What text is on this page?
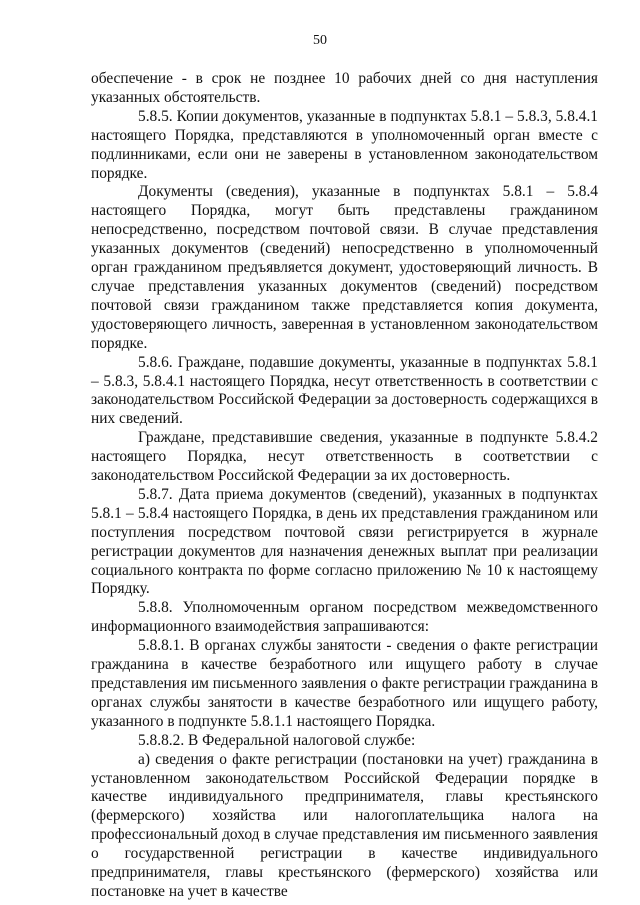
50

обеспечение - в срок не позднее 10 рабочих дней со дня наступления указанных обстоятельств.

5.8.5. Копии документов, указанные в подпунктах 5.8.1 – 5.8.3, 5.8.4.1 настоящего Порядка, представляются в уполномоченный орган вместе с подлинниками, если они не заверены в установленном законодательством порядке.

Документы (сведения), указанные в подпунктах 5.8.1 – 5.8.4 настоящего Порядка, могут быть представлены гражданином непосредственно, посредством почтовой связи. В случае представления указанных документов (сведений) непосредственно в уполномоченный орган гражданином предъявляется документ, удостоверяющий личность. В случае представления указанных документов (сведений) посредством почтовой связи гражданином также представляется копия документа, удостоверяющего личность, заверенная в установленном законодательством порядке.

5.8.6. Граждане, подавшие документы, указанные в подпунктах 5.8.1 – 5.8.3, 5.8.4.1 настоящего Порядка, несут ответственность в соответствии с законодательством Российской Федерации за достоверность содержащихся в них сведений.

Граждане, представившие сведения, указанные в подпункте 5.8.4.2 настоящего Порядка, несут ответственность в соответствии с законодательством Российской Федерации за их достоверность.

5.8.7. Дата приема документов (сведений), указанных в подпунктах 5.8.1 – 5.8.4 настоящего Порядка, в день их представления гражданином или поступления посредством почтовой связи регистрируется в журнале регистрации документов для назначения денежных выплат при реализации социального контракта по форме согласно приложению № 10 к настоящему Порядку.

5.8.8. Уполномоченным органом посредством межведомственного информационного взаимодействия запрашиваются:

5.8.8.1. В органах службы занятости - сведения о факте регистрации гражданина в качестве безработного или ищущего работу в случае представления им письменного заявления о факте регистрации гражданина в органах службы занятости в качестве безработного или ищущего работу, указанного в подпункте 5.8.1.1 настоящего Порядка.

5.8.8.2. В Федеральной налоговой службе:

а) сведения о факте регистрации (постановки на учет) гражданина в установленном законодательством Российской Федерации порядке в качестве индивидуального предпринимателя, главы крестьянского (фермерского) хозяйства или налогоплательщика налога на профессиональный доход в случае представления им письменного заявления о государственной регистрации в качестве индивидуального предпринимателя, главы крестьянского (фермерского) хозяйства или постановке на учет в качестве
